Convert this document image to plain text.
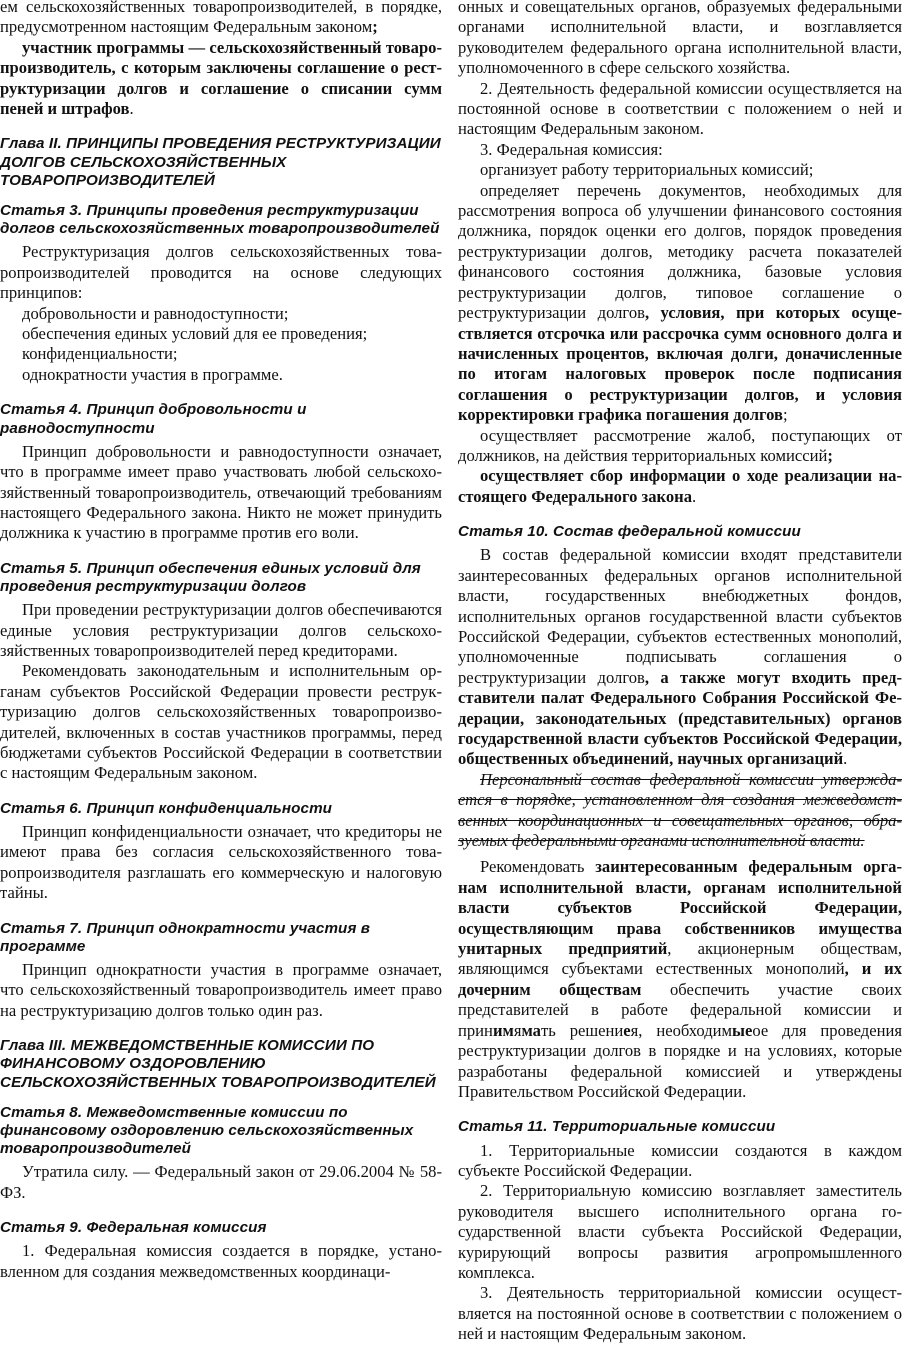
ем сельскохозяйственных товаропроизводителей, в порядке, предусмотренном настоящим Федеральным законом;

участник программы — сельскохозяйственный товаропроизводитель, с которым заключены соглашение о реструктуризации долгов и соглашение о списании сумм пеней и штрафов.

Глава II. ПРИНЦИПЫ ПРОВЕДЕНИЯ РЕСТРУКТУРИЗАЦИИ ДОЛГОВ СЕЛЬСКОХОЗЯЙСТВЕННЫХ ТОВАРОПРОИЗВОДИТЕЛЕЙ
Статья 3. Принципы проведения реструктуризации долгов сельскохозяйственных товаропроизводителей

Реструктуризация долгов сельскохозяйственных товаропроизводителей проводится на основе следующих принципов:

добровольности и равнодоступности;

обеспечения единых условий для ее проведения;

конфиденциальности;

однократности участия в программе.

Статья 4. Принцип добровольности и равнодоступности

Принцип добровольности и равнодоступности означает, что в программе имеет право участвовать любой сельскохозяйственный товаропроизводитель, отвечающий требованиям настоящего Федерального закона. Никто не может принудить должника к участию в программе против его воли.

Статья 5. Принцип обеспечения единых условий для проведения реструктуризации долгов

При проведении реструктуризации долгов обеспечиваются единые условия реструктуризации долгов сельскохозяйственных товаропроизводителей перед кредиторами.

Рекомендовать законодательным и исполнительным органам субъектов Российской Федерации провести реструктуризацию долгов сельскохозяйственных товаропроизводителей, включенных в состав участников программы, перед бюджетами субъектов Российской Федерации в соответствии с настоящим Федеральным законом.

Статья 6. Принцип конфиденциальности

Принцип конфиденциальности означает, что кредиторы не имеют права без согласия сельскохозяйственного товаропроизводителя разглашать его коммерческую и налоговую тайны.

Статья 7. Принцип однократности участия в программе

Принцип однократности участия в программе означает, что сельскохозяйственный товаропроизводитель имеет право на реструктуризацию долгов только один раз.

Глава III. МЕЖВЕДОМСТВЕННЫЕ КОМИССИИ ПО ФИНАНСОВОМУ ОЗДОРОВЛЕНИЮ СЕЛЬСКОХОЗЯЙСТВЕННЫХ ТОВАРОПРОИЗВОДИТЕЛЕЙ
Статья 8. Межведомственные комиссии по финансовому оздоровлению сельскохозяйственных товаропроизводителей

Утратила силу. — Федеральный закон от 29.06.2004 № 58-ФЗ.

Статья 9. Федеральная комиссия

1. Федеральная комиссия создается в порядке, установленном для создания межведомственных координаци-

онных и совещательных органов, образуемых федеральными органами исполнительной власти, и возглавляется руководителем федерального органа исполнительной власти, уполномоченного в сфере сельского хозяйства.

2. Деятельность федеральной комиссии осуществляется на постоянной основе в соответствии с положением о ней и настоящим Федеральным законом.

3. Федеральная комиссия:

организует работу территориальных комиссий;

определяет перечень документов, необходимых для рассмотрения вопроса об улучшении финансового состояния должника, порядок оценки его долгов, порядок проведения реструктуризации долгов, методику расчета показателей финансового состояния должника, базовые условия реструктуризации долгов, типовое соглашение о реструктуризации долгов, условия, при которых осуществляется отсрочка или рассрочка сумм основного долга и начисленных процентов, включая долги, доначисленные по итогам налоговых проверок после подписания соглашения о реструктуризации долгов, и условия корректировки графика погашения долгов;

осуществляет рассмотрение жалоб, поступающих от должников, на действия территориальных комиссий;

осуществляет сбор информации о ходе реализации настоящего Федерального закона.

Статья 10. Состав федеральной комиссии

В состав федеральной комиссии входят представители заинтересованных федеральных органов исполнительной власти, государственных внебюджетных фондов, исполнительных органов государственной власти субъектов Российской Федерации, субъектов естественных монополий, уполномоченные подписывать соглашения о реструктуризации долгов, а также могут входить представители палат Федерального Собрания Российской Федерации, законодательных (представительных) органов государственной власти субъектов Российской Федерации, общественных объединений, научных организаций.

Персональный состав федеральной комиссии утверждается в порядке, установленном для создания межведомственных координационных и совещательных органов, образуемых федеральными органами исполнительной власти.

Рекомендовать заинтересованным федеральным органам исполнительной власти, органам исполнительной власти субъектов Российской Федерации, осуществляющим права собственников имущества унитарных предприятий, акционерным обществам, являющимся субъектами естественных монополий, и их дочерним обществам обеспечить участие своих представителей в работе федеральной комиссии и принимямать решениея, необходимыеое для проведения реструктуризации долгов в порядке и на условиях, которые разработаны федеральной комиссией и утверждены Правительством Российской Федерации.

Статья 11. Территориальные комиссии

1. Территориальные комиссии создаются в каждом субъекте Российской Федерации.

2. Территориальную комиссию возглавляет заместитель руководителя высшего исполнительного органа государственной власти субъекта Российской Федерации, курирующий вопросы развития агропромышленного комплекса.

3. Деятельность территориальной комиссии осуществляется на постоянной основе в соответствии с положением о ней и настоящим Федеральным законом.
